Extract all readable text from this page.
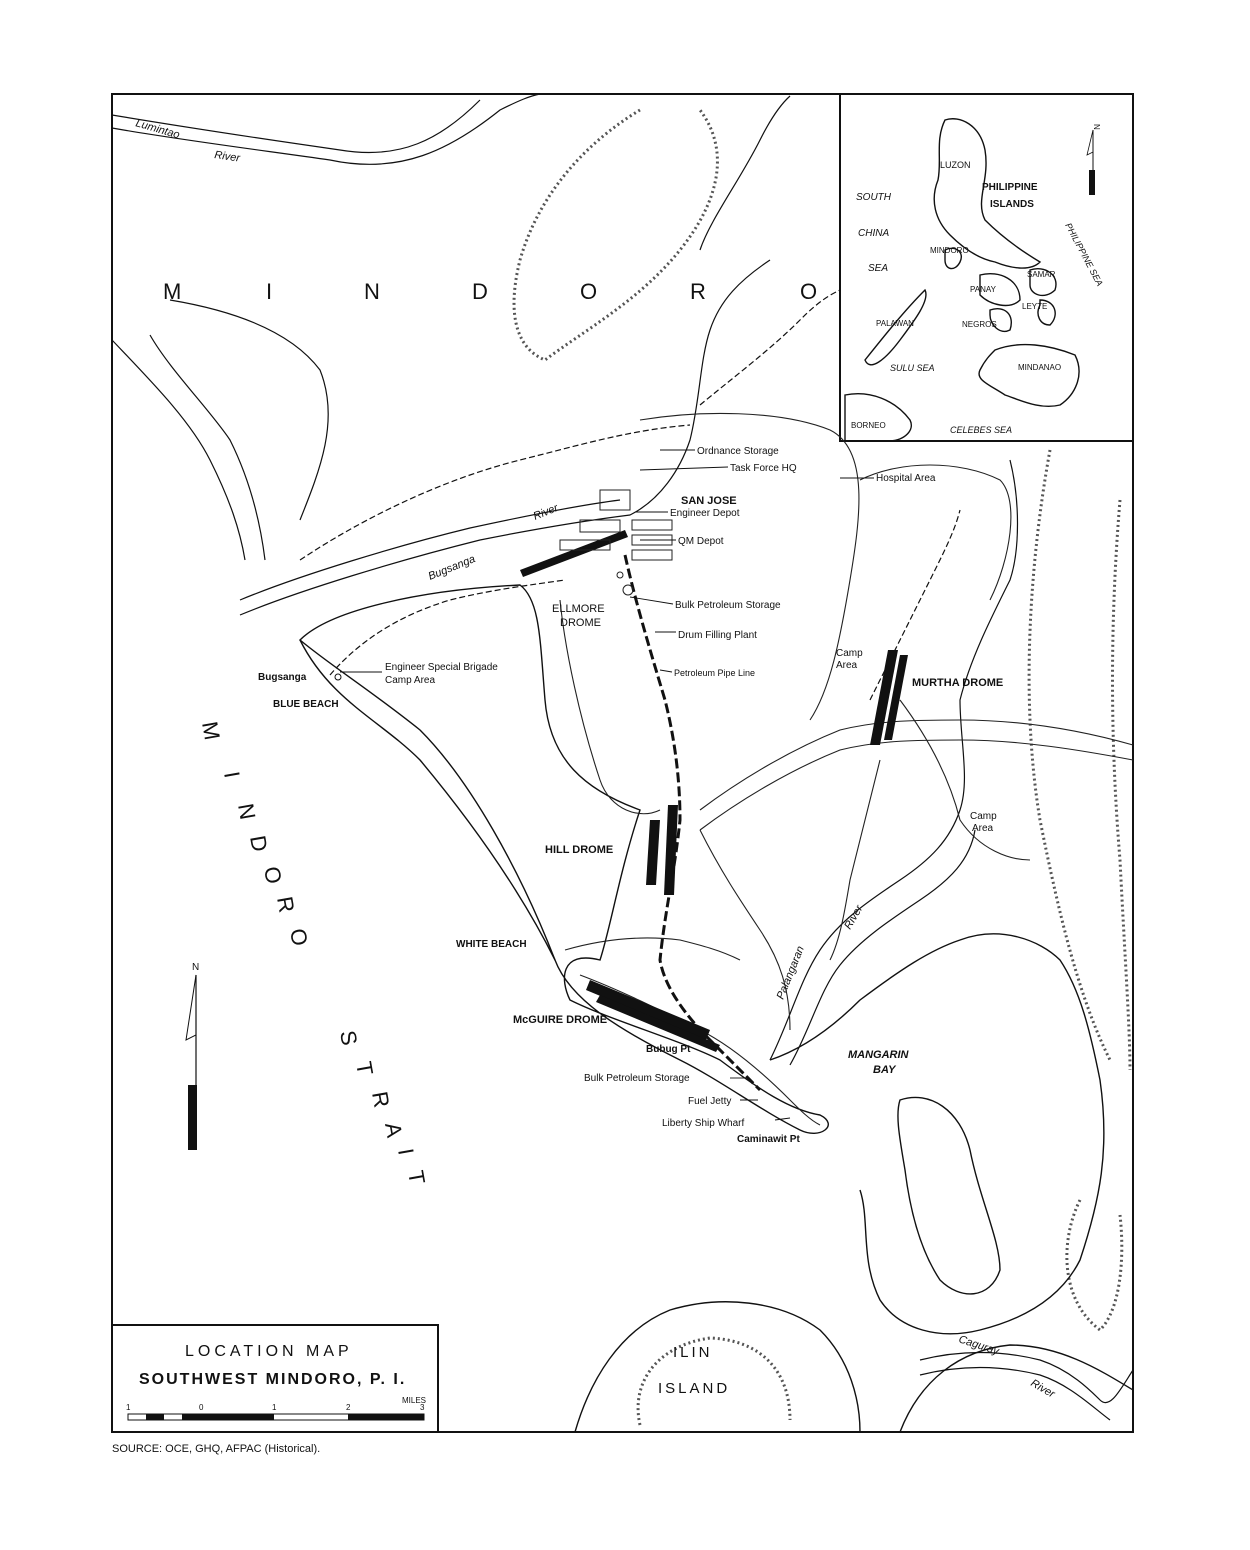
M	I	N	D	O	R	O
M
I
N
D
O
R
O
S
T
R
A
I
T
ILIN
ISLAND
MANGARIN
BAY
Lumintao
River
Bugsanga
River
Palangaran
River
Caguray
River
SAN JOSE
ELLMORE
DROME
MURTHA DROME
HILL DROME
WHITE BEACH
McGUIRE DROME
BLUE BEACH
Bugsanga
Bubug Pt
Caminawit Pt
Ordnance Storage
Task Force HQ
Hospital Area
Engineer Depot
QM Depot
Bulk Petroleum Storage
Drum Filling Plant
Petroleum Pipe Line
Camp
Area
Camp
Area
Engineer Special Brigade
Camp Area
Bulk Petroleum Storage
Fuel Jetty
Liberty Ship Wharf
N
LOCATION MAP
SOUTHWEST MINDORO, P. I.
MILES
1	0	1	2	3
SOURCE: OCE, GHQ, AFPAC (Historical).
N
LUZON
PHILIPPINE
ISLANDS
SOUTH
CHINA
SEA
MINDORO
SAMAR
PANAY
LEYTE
PHILIPPINE SEA
PALAWAN	NEGROS
SULU SEA	MINDANAO
BORNEO	CELEBES SEA
